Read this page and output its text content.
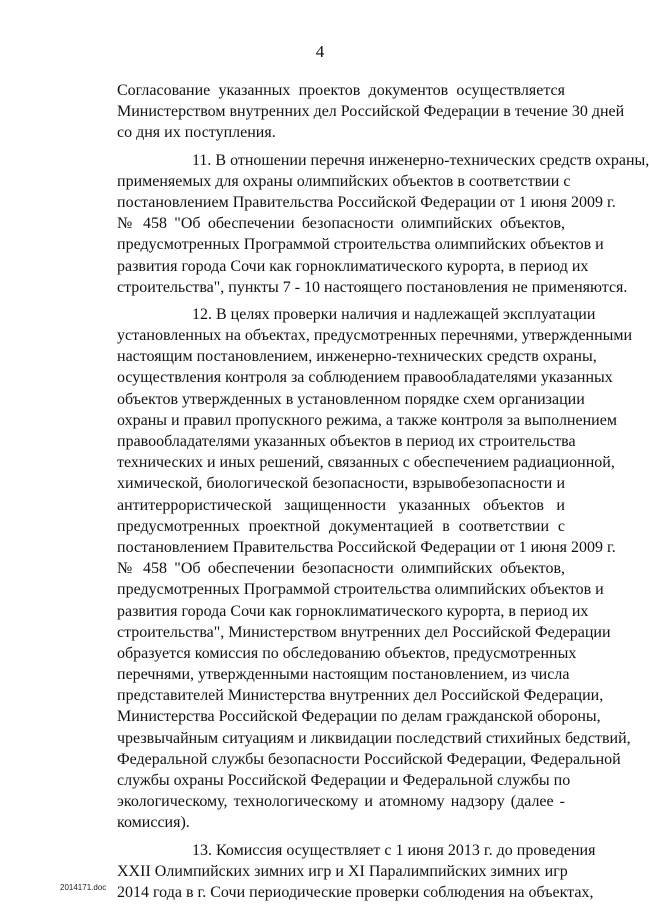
4
Согласование указанных проектов документов осуществляется
Министерством внутренних дел Российской Федерации в течение 30 дней
со дня их поступления.
11. В отношении перечня инженерно-технических средств охраны,
применяемых для охраны олимпийских объектов в соответствии с
постановлением Правительства Российской Федерации от 1 июня 2009 г.
№ 458 "Об обеспечении безопасности олимпийских объектов,
предусмотренных Программой строительства олимпийских объектов и
развития города Сочи как горноклиматического курорта, в период их
строительства", пункты 7 - 10 настоящего постановления не применяются.
12. В целях проверки наличия и надлежащей эксплуатации
установленных на объектах, предусмотренных перечнями, утвержденными
настоящим постановлением, инженерно-технических средств охраны,
осуществления контроля за соблюдением правообладателями указанных
объектов утвержденных в установленном порядке схем организации
охраны и правил пропускного режима, а также контроля за выполнением
правообладателями указанных объектов в период их строительства
технических и иных решений, связанных с обеспечением радиационной,
химической, биологической безопасности, взрывобезопасности и
антитеррористической защищенности указанных объектов и
предусмотренных проектной документацией в соответствии с
постановлением Правительства Российской Федерации от 1 июня 2009 г.
№ 458 "Об обеспечении безопасности олимпийских объектов,
предусмотренных Программой строительства олимпийских объектов и
развития города Сочи как горноклиматического курорта, в период их
строительства", Министерством внутренних дел Российской Федерации
образуется комиссия по обследованию объектов, предусмотренных
перечнями, утвержденными настоящим постановлением, из числа
представителей Министерства внутренних дел Российской Федерации,
Министерства Российской Федерации по делам гражданской обороны,
чрезвычайным ситуациям и ликвидации последствий стихийных бедствий,
Федеральной службы безопасности Российской Федерации, Федеральной
службы охраны Российской Федерации и Федеральной службы по
экологическому, технологическому и атомному надзору (далее -
комиссия).
13. Комиссия осуществляет с 1 июня 2013 г. до проведения
XXII Олимпийских зимних игр и XI Паралимпийских зимних игр
2014 года в г. Сочи периодические проверки соблюдения на объектах,
2014171.doc
